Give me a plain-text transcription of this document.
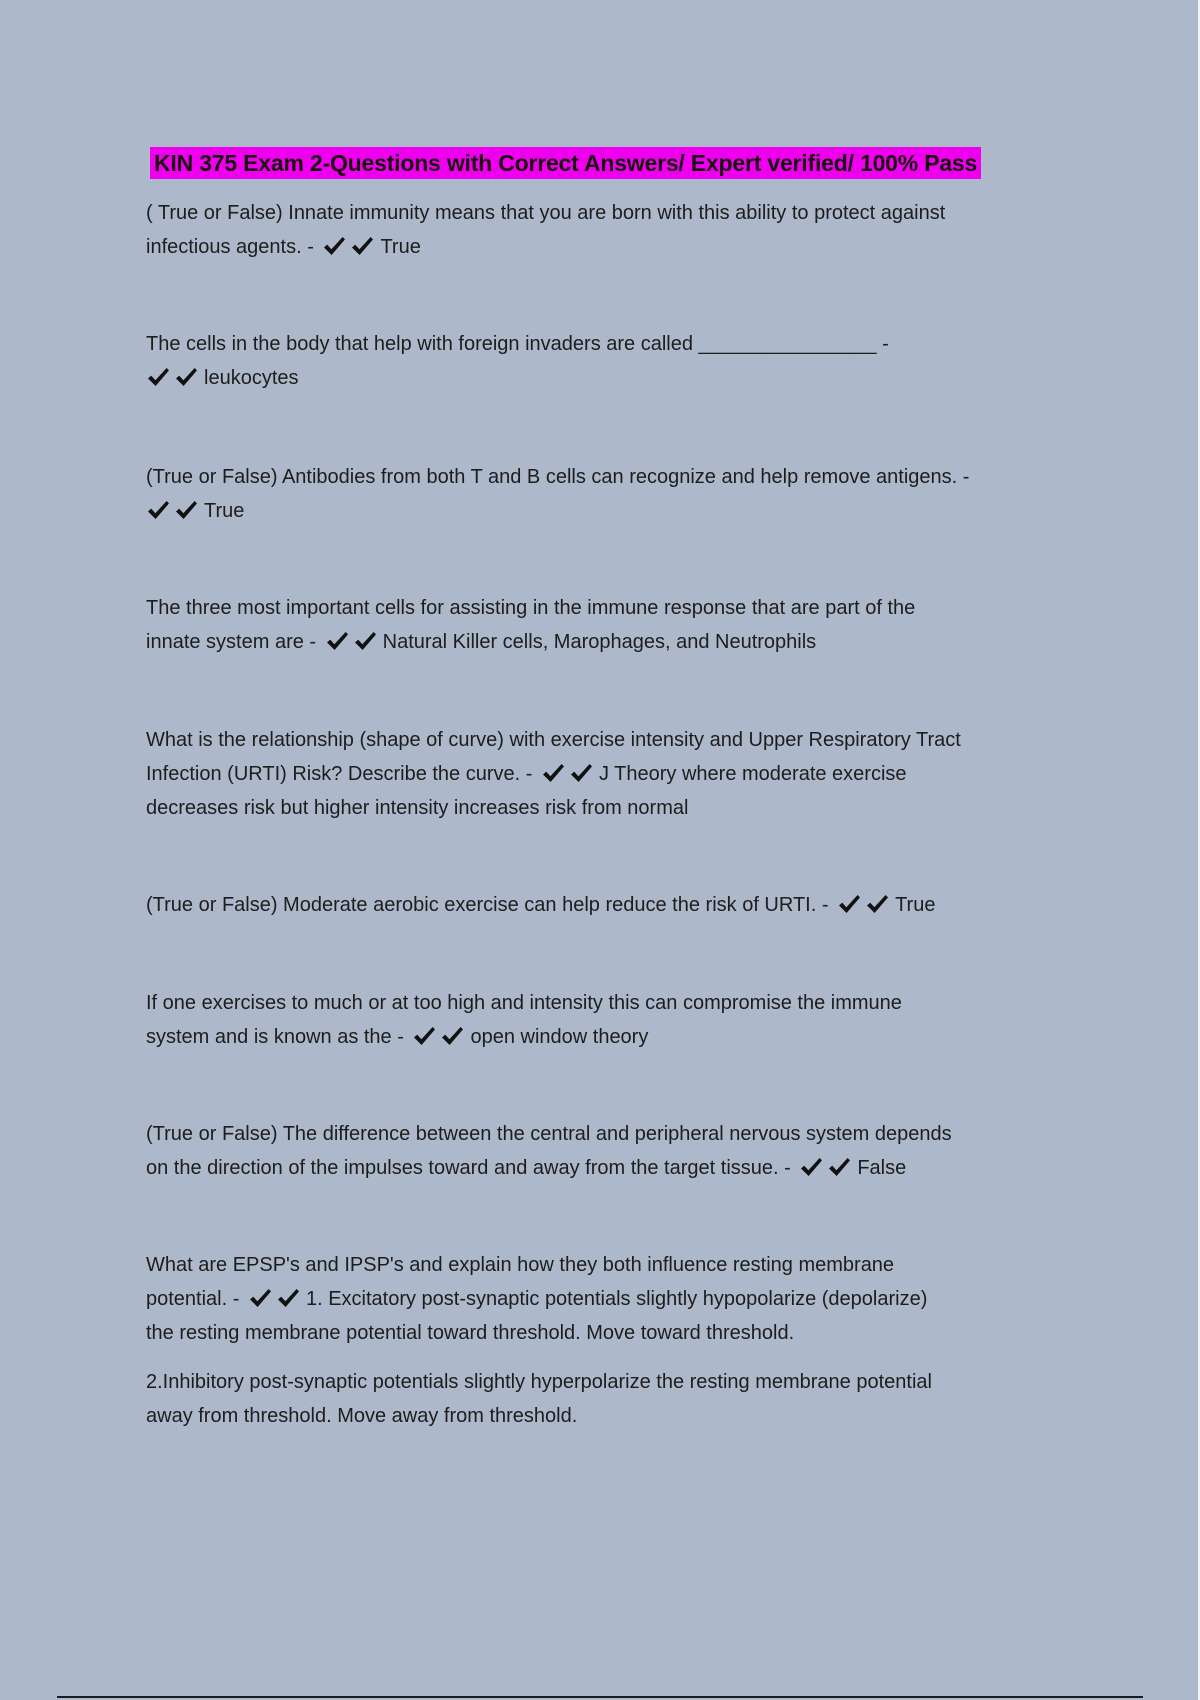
KIN 375 Exam 2-Questions with Correct Answers/ Expert verified/ 100% Pass
( True or False) Innate immunity means that you are born with this ability to protect against
infectious agents. -	True
The cells in the body that help with foreign invaders are called ________________ -
leukocytes
(True or False) Antibodies from both T and B cells can recognize and help remove antigens. -
True
The three most important cells for assisting in the immune response that are part of the
innate system are -	Natural Killer cells, Marophages, and Neutrophils
What is the relationship (shape of curve) with exercise intensity and Upper Respiratory Tract
Infection (URTI) Risk? Describe the curve. -	J Theory where moderate exercise
decreases risk but higher intensity increases risk from normal
(True or False) Moderate aerobic exercise can help reduce the risk of URTI. -	True
If one exercises to much or at too high and intensity this can compromise the immune
system and is known as the -	open window theory
(True or False) The difference between the central and peripheral nervous system depends
on the direction of the impulses toward and away from the target tissue. -	False
What are EPSP's and IPSP's and explain how they both influence resting membrane
potential. -	1. Excitatory post-synaptic potentials slightly hypopolarize (depolarize)
the resting membrane potential toward threshold. Move toward threshold.
2.Inhibitory post-synaptic potentials slightly hyperpolarize the resting membrane potential
away from threshold. Move away from threshold.
